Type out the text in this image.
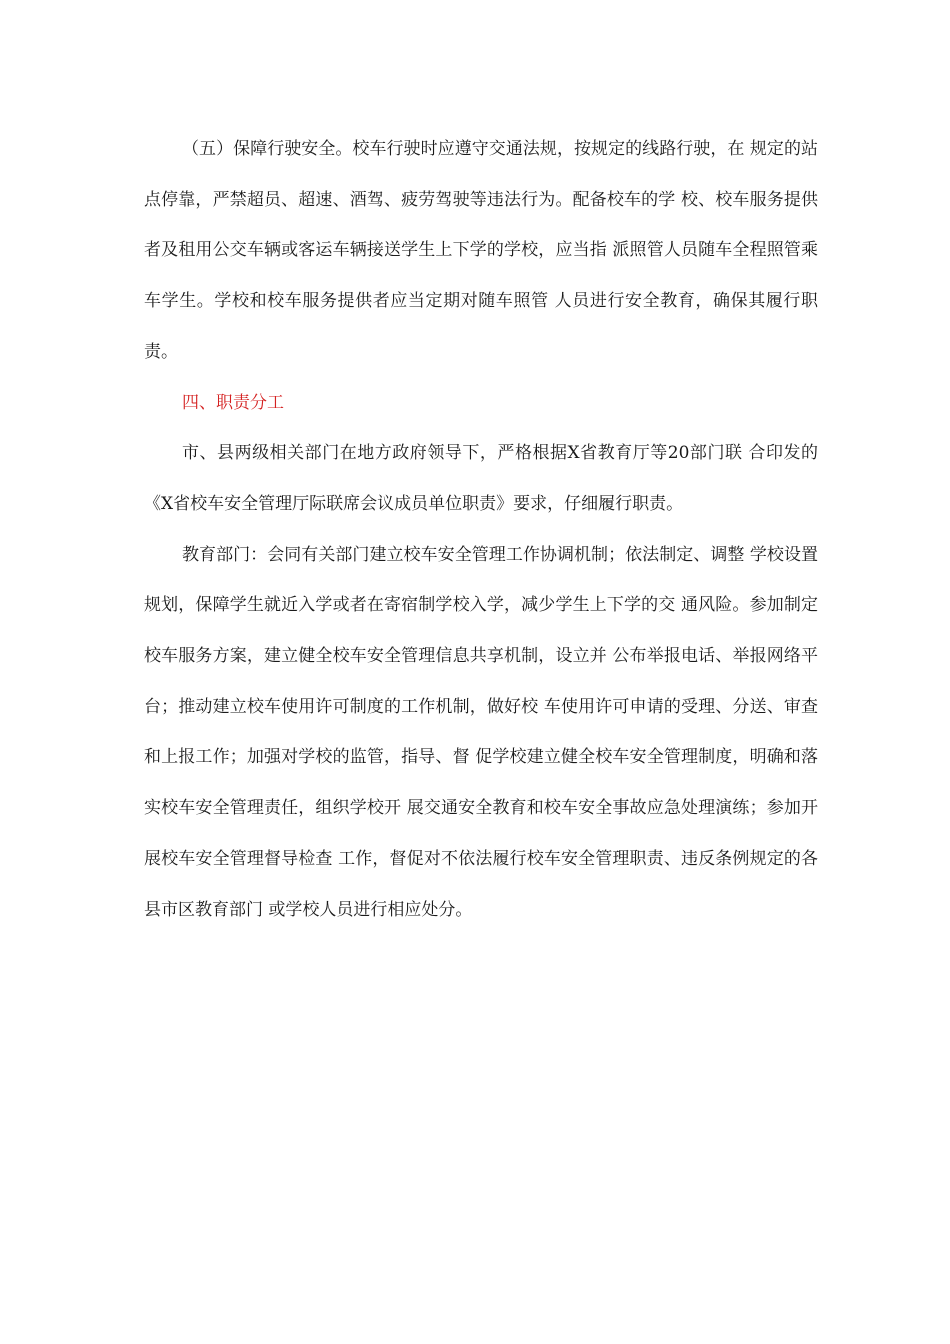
（五）保障行驶安全。校车行驶时应遵守交通法规，按规定的线路行驶，在 规定的站点停靠，严禁超员、超速、酒驾、疲劳驾驶等违法行为。配备校车的学 校、校车服务提供者及租用公交车辆或客运车辆接送学生上下学的学校，应当指 派照管人员随车全程照管乘车学生。学校和校车服务提供者应当定期对随车照管 人员进行安全教育，确保其履行职责。

四、职责分工

市、县两级相关部门在地方政府领导下，严格根据X省教育厅等20部门联 合印发的《X省校车安全管理厅际联席会议成员单位职责》要求，仔细履行职责。

教育部门：会同有关部门建立校车安全管理工作协调机制；依法制定、调整 学校设置规划，保障学生就近入学或者在寄宿制学校入学，减少学生上下学的交 通风险。参加制定校车服务方案，建立健全校车安全管理信息共享机制，设立并 公布举报电话、举报网络平台；推动建立校车使用许可制度的工作机制，做好校 车使用许可申请的受理、分送、审查和上报工作；加强对学校的监管，指导、督 促学校建立健全校车安全管理制度，明确和落实校车安全管理责任，组织学校开 展交通安全教育和校车安全事故应急处理演练；参加开展校车安全管理督导检查 工作，督促对不依法履行校车安全管理职责、违反条例规定的各县市区教育部门 或学校人员进行相应处分。
